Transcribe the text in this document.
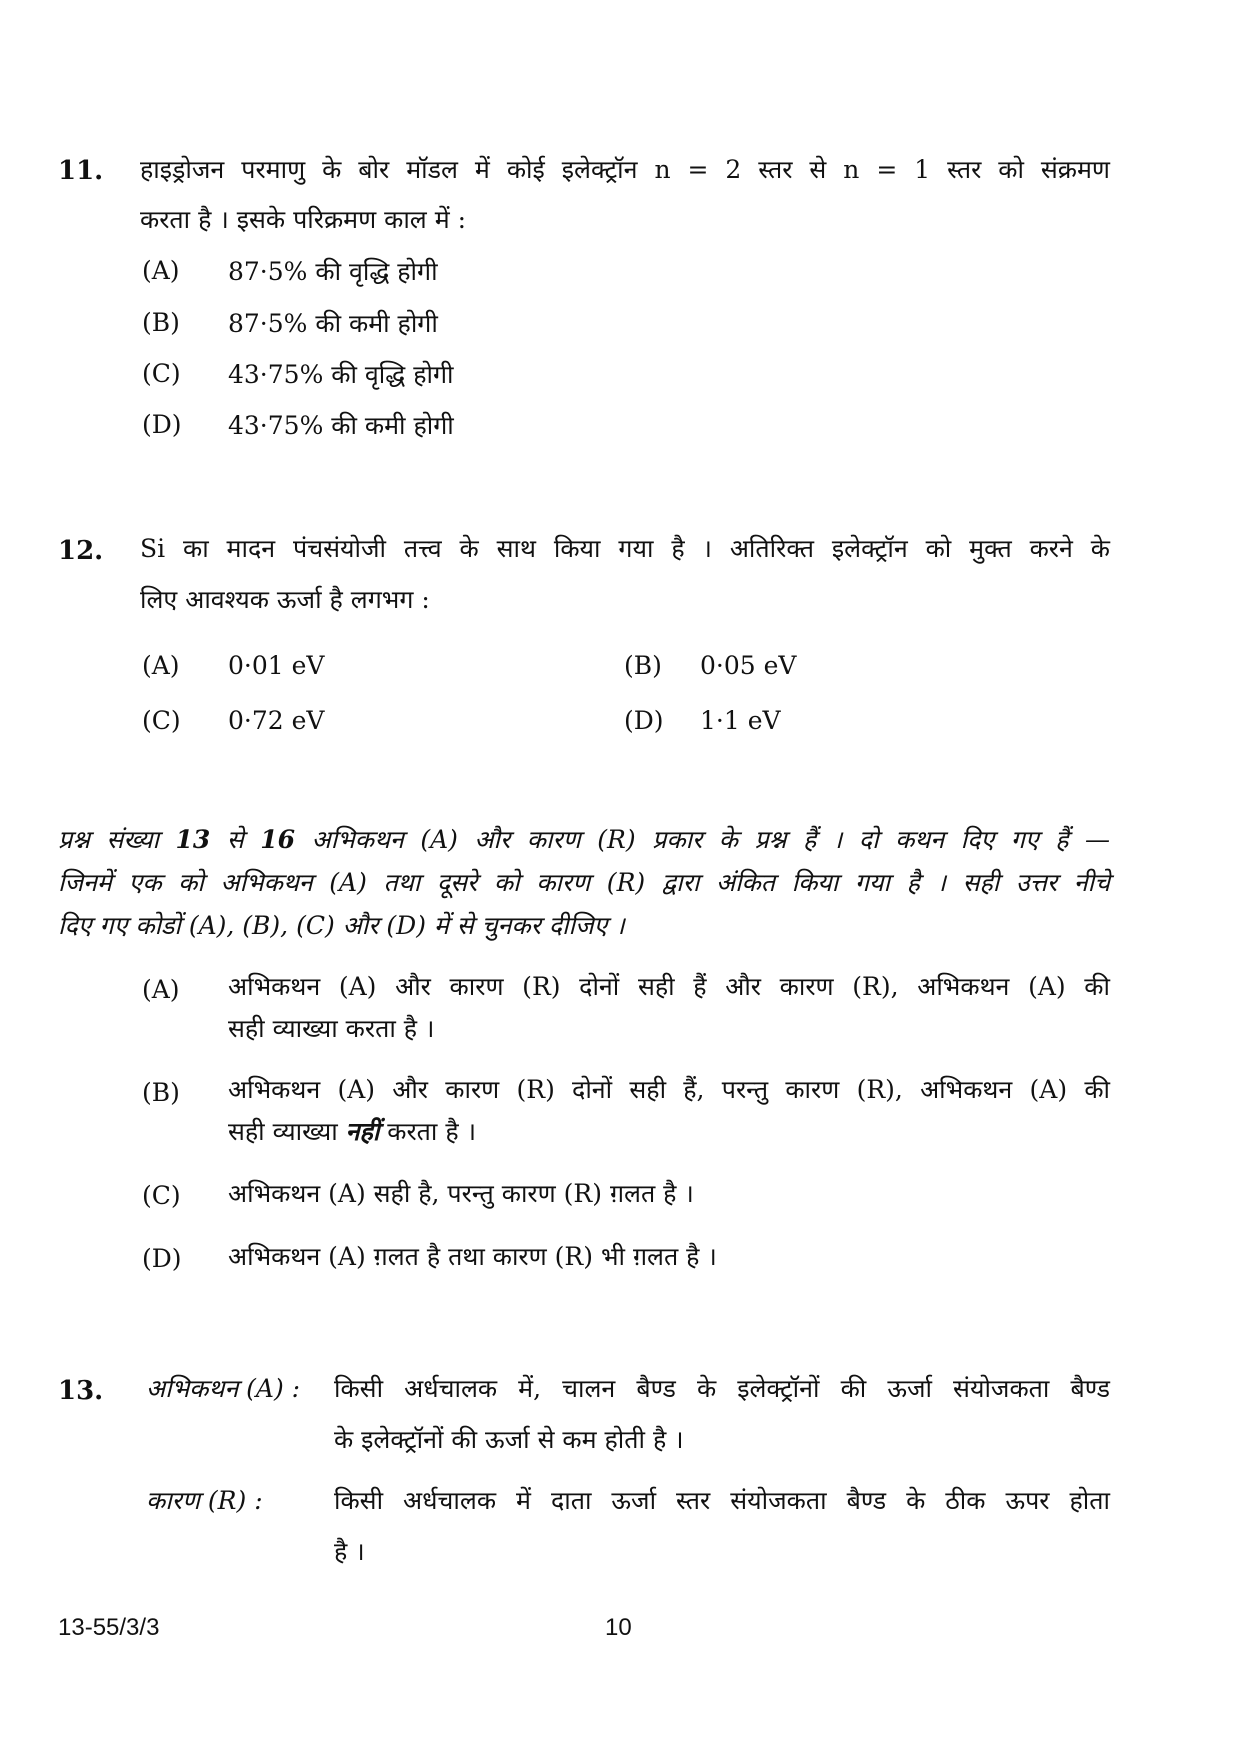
11. हाइड्रोजन परमाणु के बोर मॉडल में कोई इलेक्ट्रॉन n = 2 स्तर से n = 1 स्तर को संक्रमण
करता है । इसके परिक्रमण काल में :
(A) 87·5% की वृद्धि होगी
(B) 87·5% की कमी होगी
(C) 43·75% की वृद्धि होगी
(D) 43·75% की कमी होगी
12. Si का मादन पंचसंयोजी तत्त्व के साथ किया गया है । अतिरिक्त इलेक्ट्रॉन को मुक्त करने के
लिए आवश्यक ऊर्जा है लगभग :
(A) 0·01 eV	(B) 0·05 eV
(C) 0·72 eV	(D) 1·1 eV
प्रश्न संख्या 13 से 16 अभिकथन (A) और कारण (R) प्रकार के प्रश्न हैं । दो कथन दिए गए हैं —
जिनमें एक को अभिकथन (A) तथा दूसरे को कारण (R) द्वारा अंकित किया गया है । सही उत्तर नीचे
दिए गए कोडों (A), (B), (C) और (D) में से चुनकर दीजिए ।
(A) अभिकथन (A) और कारण (R) दोनों सही हैं और कारण (R), अभिकथन (A) की
सही व्याख्या करता है ।
(B) अभिकथन (A) और कारण (R) दोनों सही हैं, परन्तु कारण (R), अभिकथन (A) की
सही व्याख्या नहीं करता है ।
(C) अभिकथन (A) सही है, परन्तु कारण (R) ग़लत है ।
(D) अभिकथन (A) ग़लत है तथा कारण (R) भी ग़लत है ।
13. अभिकथन (A) : किसी अर्धचालक में, चालन बैण्ड के इलेक्ट्रॉनों की ऊर्जा संयोजकता बैण्ड
के इलेक्ट्रॉनों की ऊर्जा से कम होती है ।
कारण (R) :	किसी अर्धचालक में दाता ऊर्जा स्तर संयोजकता बैण्ड के ठीक ऊपर होता
है ।
13-55/3/3	10
